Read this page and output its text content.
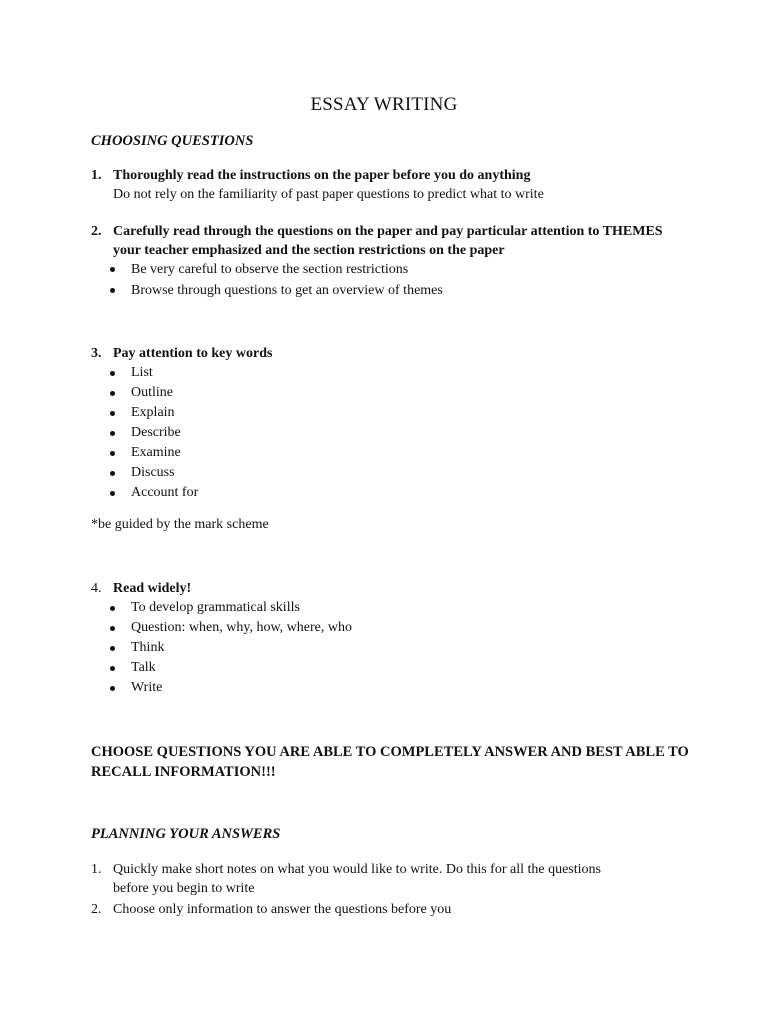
ESSAY WRITING
CHOOSING QUESTIONS
1. Thoroughly read the instructions on the paper before you do anything
Do not rely on the familiarity of past paper questions to predict what to write
2. Carefully read through the questions on the paper and pay particular attention to THEMES
your teacher emphasized and the section restrictions on the paper
Be very careful to observe the section restrictions
Browse through questions to get an overview of themes
3. Pay attention to key words
List
Outline
Explain
Describe
Examine
Discuss
Account for
*be guided by the mark scheme
4. Read widely!
To develop grammatical skills
Question: when, why, how, where, who
Think
Talk
Write
CHOOSE QUESTIONS YOU ARE ABLE TO COMPLETELY ANSWER AND BEST ABLE TO
RECALL INFORMATION!!!
PLANNING YOUR ANSWERS
1. Quickly make short notes on what you would like to write. Do this for all the questions
before you begin to write
2. Choose only information to answer the questions before you
